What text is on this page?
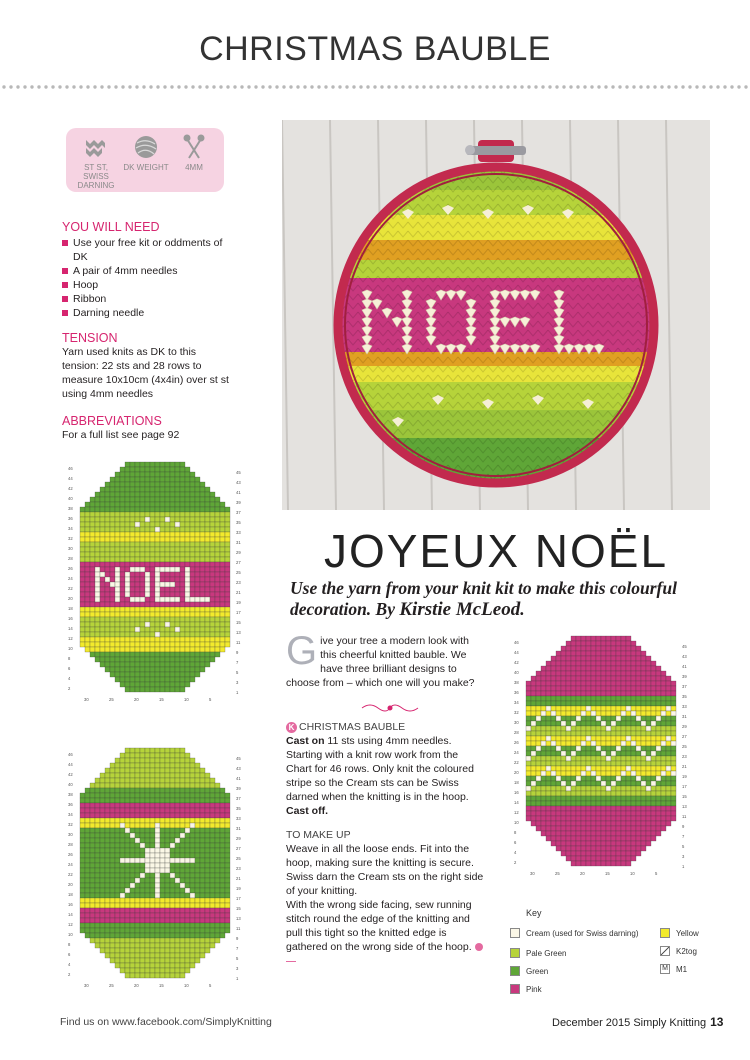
CHRISTMAS BAUBLE
ST ST, SWISS DARNING
DK WEIGHT	4MM
YOU WILL NEED
Use your free kit or oddments of DK
A pair of 4mm needles
Hoop
Ribbon
Darning needle
TENSION
Yarn used knits as DK to this tension: 22 sts and 28 rows to measure 10x10cm (4x4in) over st st using 4mm needles
ABBREVIATIONS
For a full list see page 92
46
44
42
40
38
36
34
32
30
28
26
24
22
20
18
16
14
12
10
8
6
4
2
45
43
41
39
37
35
33
31
29
27
25
23
21
19
17
15
13
11
9
7
5
3
1
30	25	20	15	10	5
46
44
42
40
38
36
34
32
30
28
26
24
22
20
18
16
14
12
10
8
6
4
2
45
43
41
39
37
35
33
31
29
27
25
23
21
19
17
15
13
11
9
7
5
3
1
30	25	20	15	10	5
46
44
42
40
38
36
34
32
30
28
26
24
22
20
18
16
14
12
10
8
6
4
2
45
43
41
39
37
35
33
31
29
27
25
23
21
19
17
15
13
11
9
7
5
3
1
30	25	20	15	10	5
JOYEUX NOËL
Use the yarn from your knit kit to make this colourful decoration. By Kirstie McLeod.
Give your tree a modern look with this cheerful knitted bauble. We have three brilliant designs to choose from – which one will you make?
K CHRISTMAS BAUBLE
Cast on 11 sts using 4mm needles. Starting with a knit row work from the Chart for 46 rows. Only knit the coloured stripe so the Cream sts can be Swiss darned when the knitting is in the hoop.
Cast off.
TO MAKE UP
Weave in all the loose ends. Fit into the hoop, making sure the knitting is secure.
Swiss darn the Cream sts on the right side of your knitting.
With the wrong side facing, sew running stitch round the edge of the knitting and pull this tight so the knitted edge is gathered on the wrong side of the hoop.
Key
Cream (used for Swiss darning)
Pale Green
Green
Pink
Yellow
K2tog
M M1
Find us on www.facebook.com/SimplyKnitting	December 2015 Simply Knitting 13
